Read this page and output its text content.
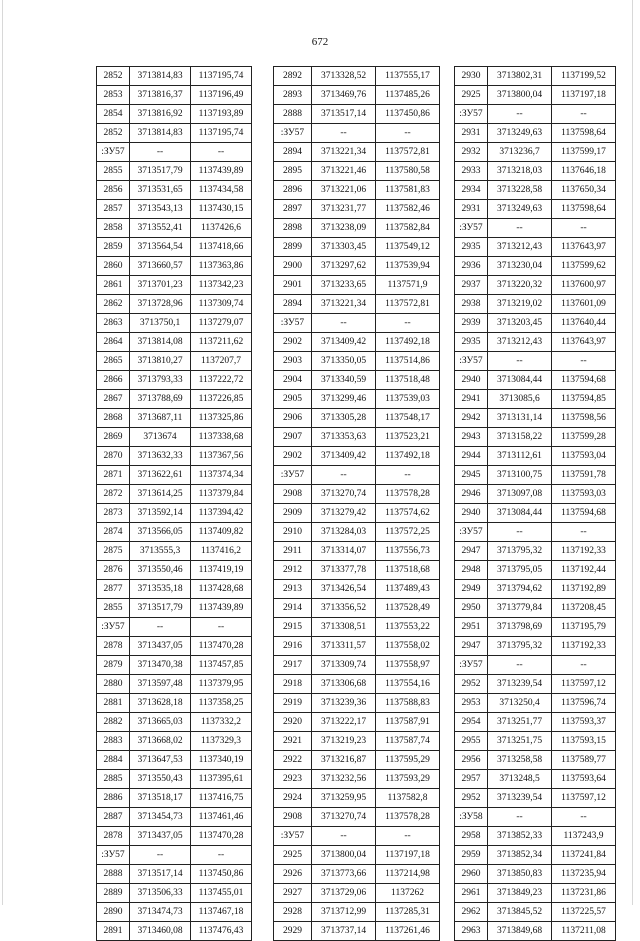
672
2852	3713814,83	1137195,74
2853	3713816,37	1137196,49
2854	3713816,92	1137193,89
2852	3713814,83	1137195,74
:ЗУ57	--	--
2855	3713517,79	1137439,89
2856	3713531,65	1137434,58
2857	3713543,13	1137430,15
2858	3713552,41	1137426,6
2859	3713564,54	1137418,66
2860	3713660,57	1137363,86
2861	3713701,23	1137342,23
2862	3713728,96	1137309,74
2863	3713750,1	1137279,07
2864	3713814,08	1137211,62
2865	3713810,27	1137207,7
2866	3713793,33	1137222,72
2867	3713788,69	1137226,85
2868	3713687,11	1137325,86
2869	3713674	1137338,68
2870	3713632,33	1137367,56
2871	3713622,61	1137374,34
2872	3713614,25	1137379,84
2873	3713592,14	1137394,42
2874	3713566,05	1137409,82
2875	3713555,3	1137416,2
2876	3713550,46	1137419,19
2877	3713535,18	1137428,68
2855	3713517,79	1137439,89
:ЗУ57	--	--
2878	3713437,05	1137470,28
2879	3713470,38	1137457,85
2880	3713597,48	1137379,95
2881	3713628,18	1137358,25
2882	3713665,03	1137332,2
2883	3713668,02	1137329,3
2884	3713647,53	1137340,19
2885	3713550,43	1137395,61
2886	3713518,17	1137416,75
2887	3713454,73	1137461,46
2878	3713437,05	1137470,28
:ЗУ57	--	--
2888	3713517,14	1137450,86
2889	3713506,33	1137455,01
2890	3713474,73	1137467,18
2891	3713460,08	1137476,43
2892	3713328,52	1137555,17
2893	3713469,76	1137485,26
2888	3713517,14	1137450,86
:ЗУ57	--	--
2894	3713221,34	1137572,81
2895	3713221,46	1137580,58
2896	3713221,06	1137581,83
2897	3713231,77	1137582,46
2898	3713238,09	1137582,84
2899	3713303,45	1137549,12
2900	3713297,62	1137539,94
2901	3713233,65	1137571,9
2894	3713221,34	1137572,81
:ЗУ57	--	--
2902	3713409,42	1137492,18
2903	3713350,05	1137514,86
2904	3713340,59	1137518,48
2905	3713299,46	1137539,03
2906	3713305,28	1137548,17
2907	3713353,63	1137523,21
2902	3713409,42	1137492,18
:ЗУ57	--	--
2908	3713270,74	1137578,28
2909	3713279,42	1137574,62
2910	3713284,03	1137572,25
2911	3713314,07	1137556,73
2912	3713377,78	1137518,68
2913	3713426,54	1137489,43
2914	3713356,52	1137528,49
2915	3713308,51	1137553,22
2916	3713311,57	1137558,02
2917	3713309,74	1137558,97
2918	3713306,68	1137554,16
2919	3713239,36	1137588,83
2920	3713222,17	1137587,91
2921	3713219,23	1137587,74
2922	3713216,87	1137595,29
2923	3713232,56	1137593,29
2924	3713259,95	1137582,8
2908	3713270,74	1137578,28
:ЗУ57	--	--
2925	3713800,04	1137197,18
2926	3713773,66	1137214,98
2927	3713729,06	1137262
2928	3713712,99	1137285,31
2929	3713737,14	1137261,46
2930	3713802,31	1137199,52
2925	3713800,04	1137197,18
:ЗУ57	--	--
2931	3713249,63	1137598,64
2932	3713236,7	1137599,17
2933	3713218,03	1137646,18
2934	3713228,58	1137650,34
2931	3713249,63	1137598,64
:ЗУ57	--	--
2935	3713212,43	1137643,97
2936	3713230,04	1137599,62
2937	3713220,32	1137600,97
2938	3713219,02	1137601,09
2939	3713203,45	1137640,44
2935	3713212,43	1137643,97
:ЗУ57	--	--
2940	3713084,44	1137594,68
2941	3713085,6	1137594,85
2942	3713131,14	1137598,56
2943	3713158,22	1137599,28
2944	3713112,61	1137593,04
2945	3713100,75	1137591,78
2946	3713097,08	1137593,03
2940	3713084,44	1137594,68
:ЗУ57	--	--
2947	3713795,32	1137192,33
2948	3713795,05	1137192,44
2949	3713794,62	1137192,89
2950	3713779,84	1137208,45
2951	3713798,69	1137195,79
2947	3713795,32	1137192,33
:ЗУ57	--	--
2952	3713239,54	1137597,12
2953	3713250,4	1137596,74
2954	3713251,77	1137593,37
2955	3713251,75	1137593,15
2956	3713258,58	1137589,77
2957	3713248,5	1137593,64
2952	3713239,54	1137597,12
:ЗУ58	--	--
2958	3713852,33	1137243,9
2959	3713852,34	1137241,84
2960	3713850,83	1137235,94
2961	3713849,23	1137231,86
2962	3713845,52	1137225,57
2963	3713849,68	1137211,08
